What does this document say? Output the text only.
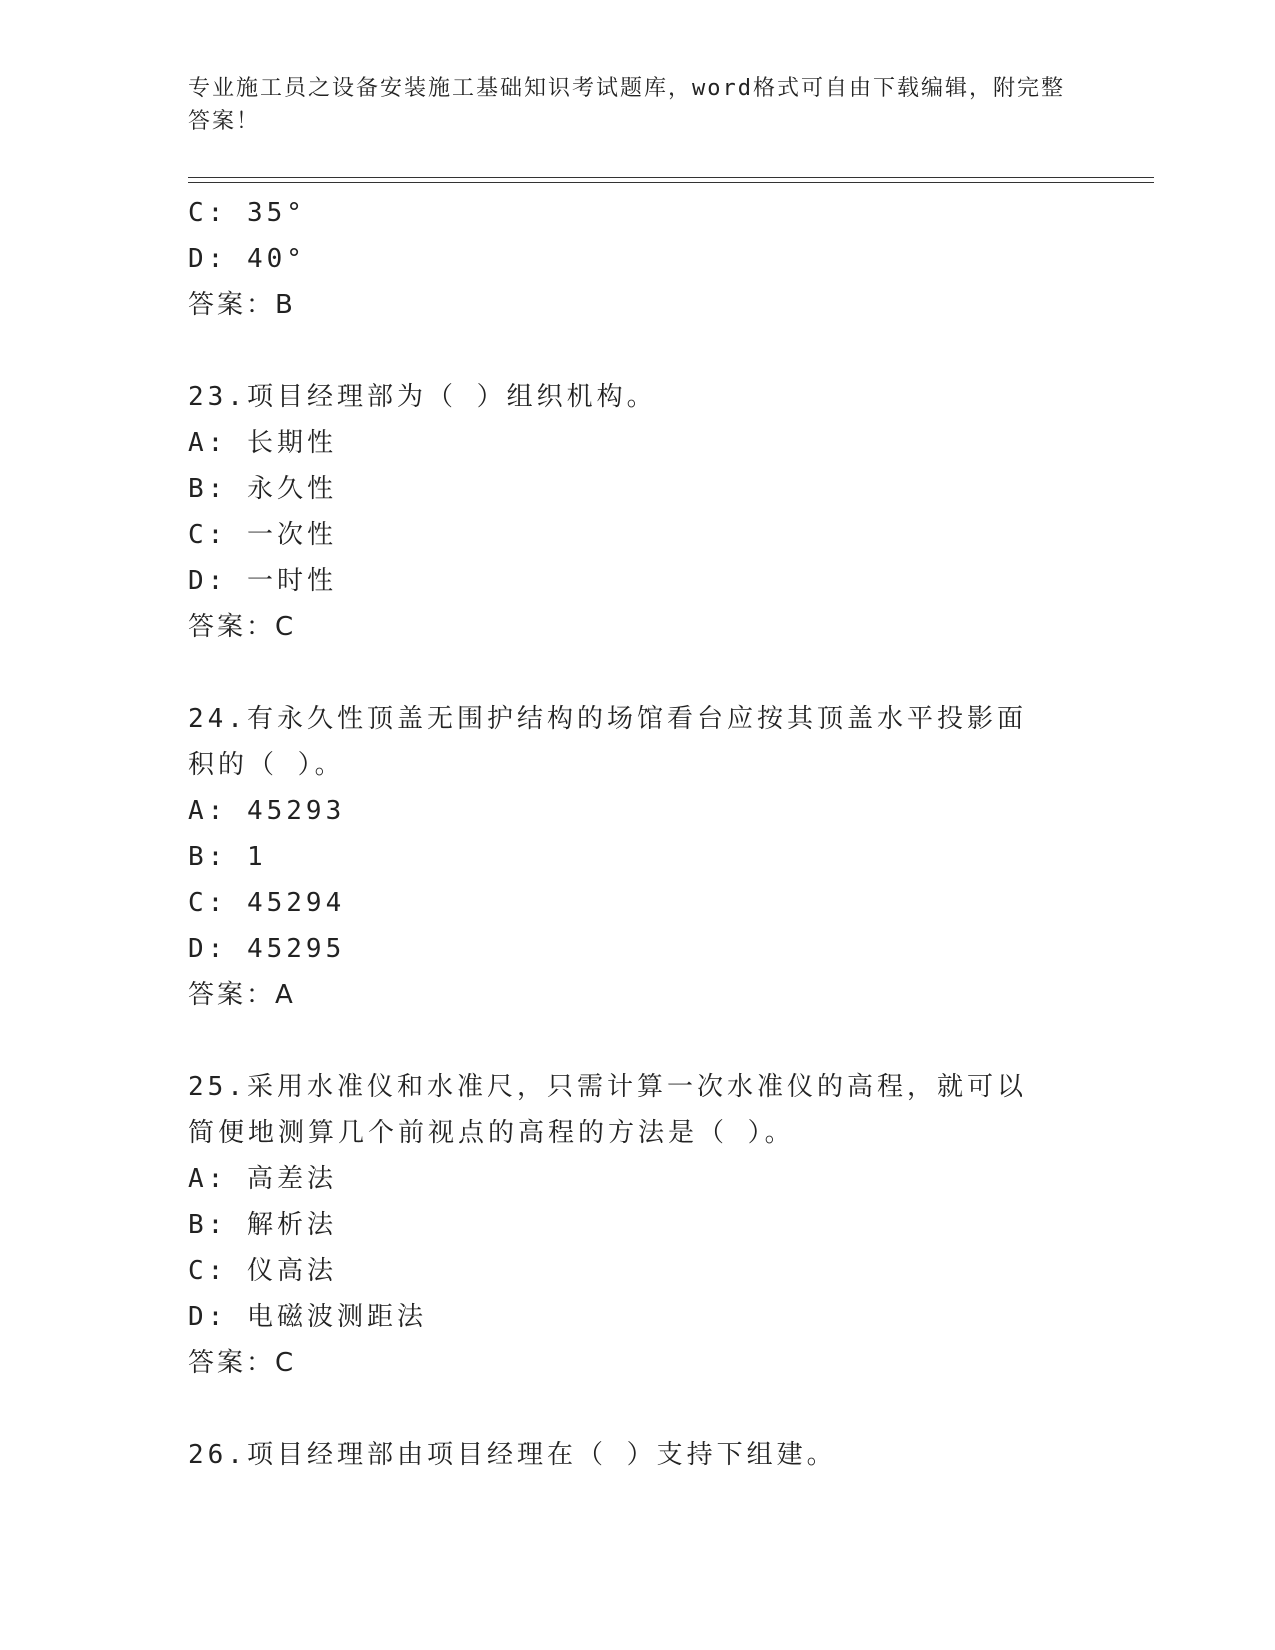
专业施工员之设备安装施工基础知识考试题库，word格式可自由下载编辑，附完整答案！
C: 35°
D: 40°
答案：B
23.项目经理部为（ ）组织机构。
A: 长期性
B: 永久性
C: 一次性
D: 一时性
答案：C
24.有永久性顶盖无围护结构的场馆看台应按其顶盖水平投影面积的（ ）。
A: 45293
B: 1
C: 45294
D: 45295
答案：A
25.采用水准仪和水准尺，只需计算一次水准仪的高程，就可以简便地测算几个前视点的高程的方法是（ ）。
A: 高差法
B: 解析法
C: 仪高法
D: 电磁波测距法
答案：C
26.项目经理部由项目经理在（ ）支持下组建。
